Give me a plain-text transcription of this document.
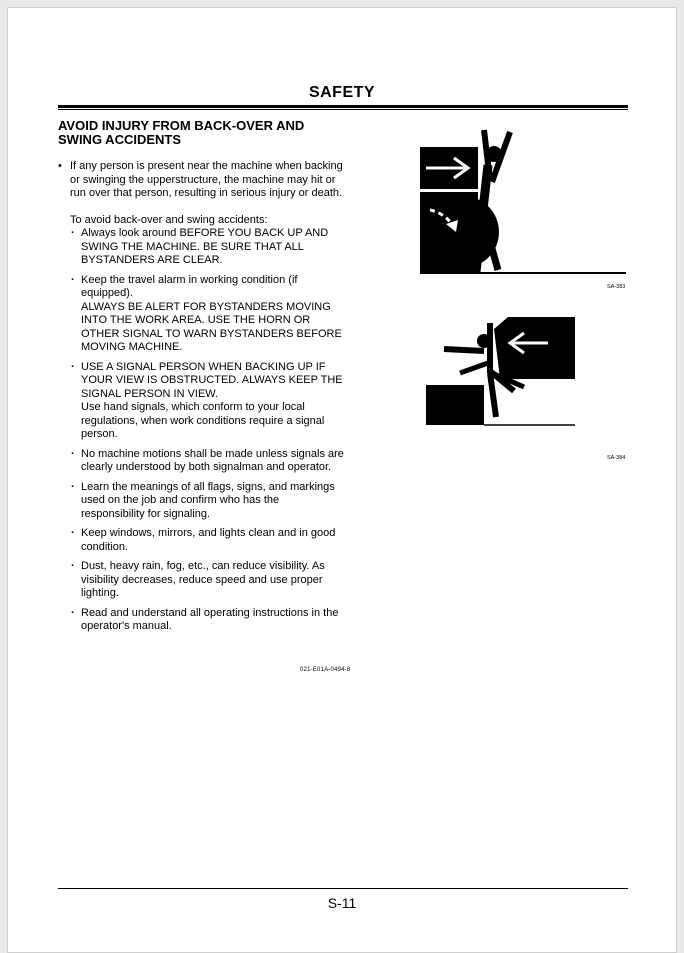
SAFETY
AVOID INJURY FROM BACK-OVER AND
SWING ACCIDENTS
• If any person is present near the machine when backing
or swinging the upperstructure, the machine may hit or
run over that person, resulting in serious injury or death.
To avoid back-over and swing accidents:
· Always look around BEFORE YOU BACK UP AND
SWING THE MACHINE. BE SURE THAT ALL
BYSTANDERS ARE CLEAR.
· Keep the travel alarm in working condition (if
equipped).
ALWAYS BE ALERT FOR BYSTANDERS MOVING
INTO THE WORK AREA. USE THE HORN OR
OTHER SIGNAL TO WARN BYSTANDERS BEFORE
MOVING MACHINE.
· USE A SIGNAL PERSON WHEN BACKING UP IF
YOUR VIEW IS OBSTRUCTED. ALWAYS KEEP THE
SIGNAL PERSON IN VIEW.
Use hand signals, which conform to your local
regulations, when work conditions require a signal
person.
· No machine motions shall be made unless signals are
clearly understood by both signalman and operator.
· Learn the meanings of all flags, signs, and markings
used on the job and confirm who has the
responsibility for signaling.
· Keep windows, mirrors, and lights clean and in good
condition.
· Dust, heavy rain, fog, etc., can reduce visibility. As
visibility decreases, reduce speed and use proper
lighting.
· Read and understand all operating instructions in the
operator's manual.
021-E01A-0494-8
SA-383
SA-384
S-11
